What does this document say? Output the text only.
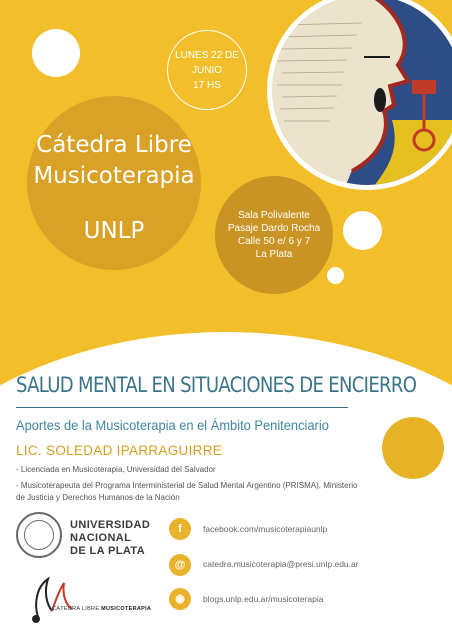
LUNES 22 DE JUNIO
17 HS
Cátedra Libre
Musicoterapia
UNLP
Sala Polivalente
Pasaje Dardo Rocha
Calle 50 e/ 6 y 7
La Plata
SALUD MENTAL EN SITUACIONES DE ENCIERRO
Aportes de la Musicoterapia en el Ámbito Penitenciario
LIC. SOLEDAD IPARRAGUIRRE
- Licenciada en Musicoterapia, Universidad del Salvador
- Musicoterapeuta del Programa Interministerial de Salud Mental Argentino (PRISMA), Ministerio de Justicia y Derechos Humanos de la Nación
UNIVERSIDAD
NACIONAL
DE LA PLATA
CÁTEDRA LIBRE MUSICOTERAPIA
f	facebook.com/musicoterapiaunlp
@	catedra.musicoterapia@presi.unlp.edu.ar
◉	blogs.unlp.edu.ar/musicoterapia
